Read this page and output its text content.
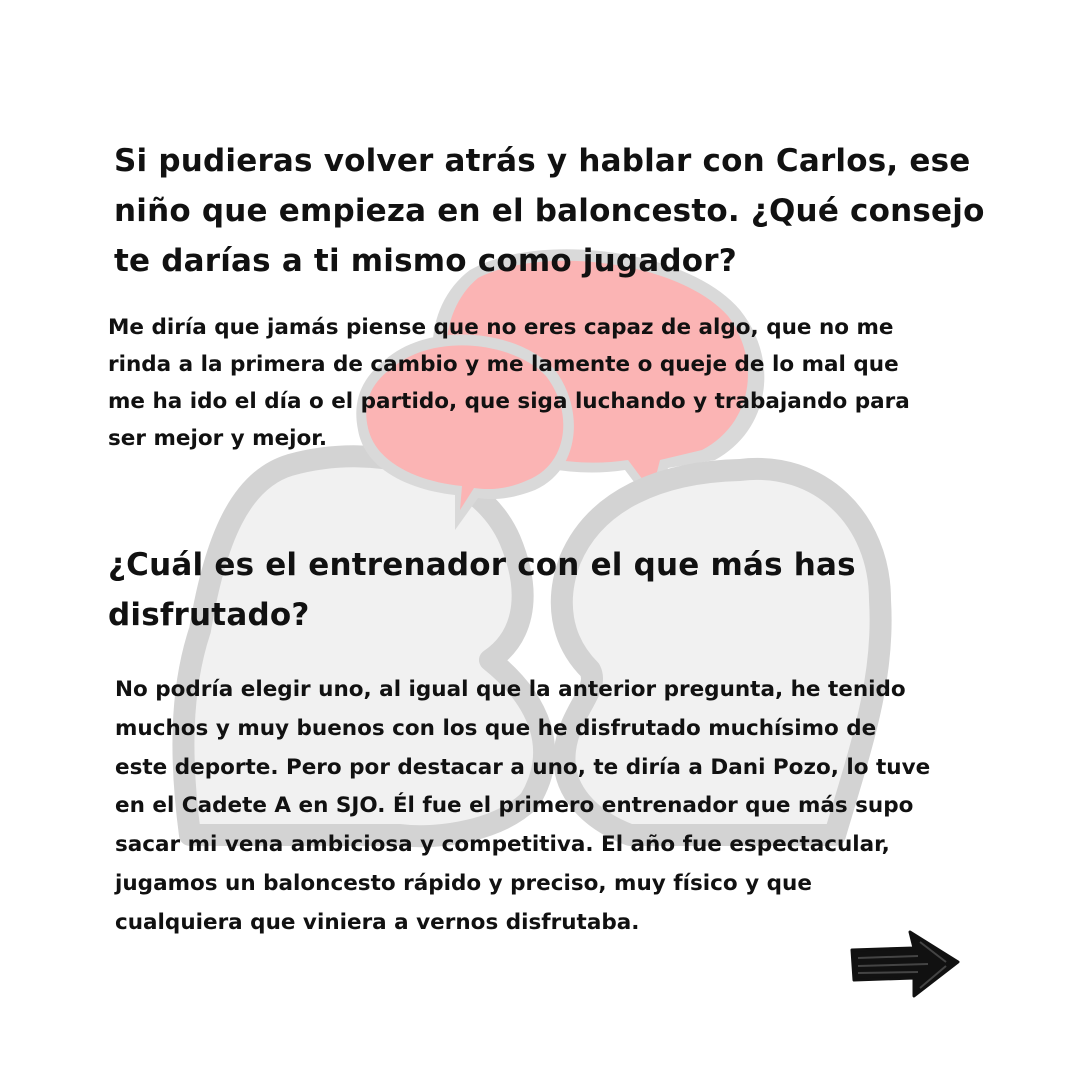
Si pudieras volver atrás y hablar con Carlos, ese niño que empieza en el baloncesto. ¿Qué consejo te darías a ti mismo como jugador?

Me diría que jamás piense que no eres capaz de algo, que no me rinda a la primera de cambio y me lamente o queje de lo mal que me ha ido el día o el partido, que siga luchando y trabajando para ser mejor y mejor.

¿Cuál es el entrenador con el que más has disfrutado?

No podría elegir uno, al igual que la anterior pregunta, he tenido muchos y muy buenos con los que he disfrutado muchísimo de este deporte. Pero por destacar a uno, te diría a Dani Pozo, lo tuve en el Cadete A en SJO. Él fue el primero entrenador que más supo sacar mi vena ambiciosa y competitiva. El año fue espectacular, jugamos un baloncesto rápido y preciso, muy físico y que cualquiera que viniera a vernos disfrutaba.
